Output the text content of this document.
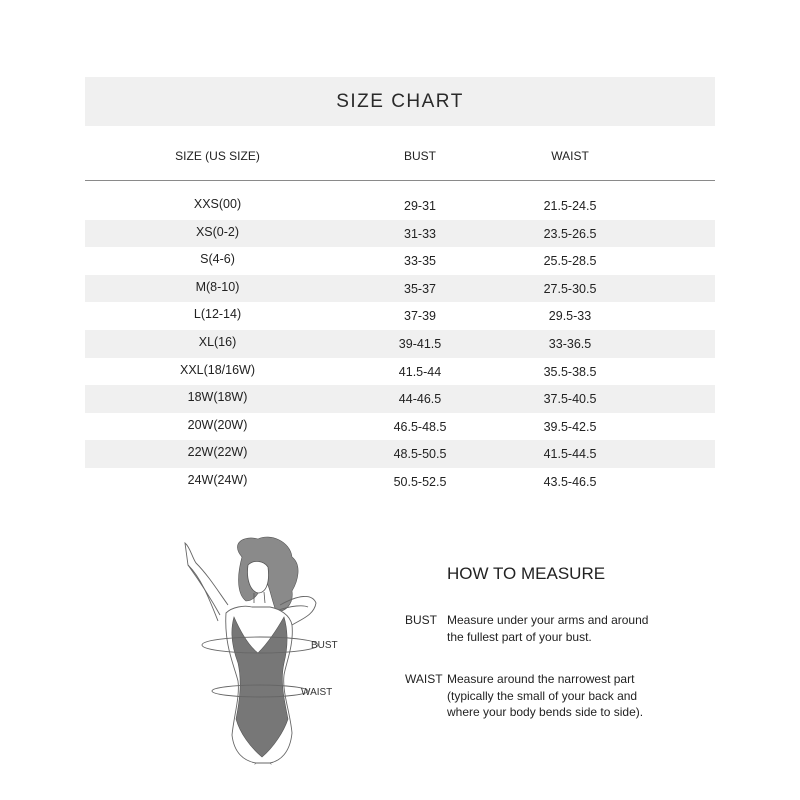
SIZE CHART
SIZE (US SIZE)	BUST	WAIST
XXS(00)	29-31	21.5-24.5
XS(0-2)	31-33	23.5-26.5
S(4-6)	33-35	25.5-28.5
M(8-10)	35-37	27.5-30.5
L(12-14)	37-39	29.5-33
XL(16)	39-41.5	33-36.5
XXL(18/16W)	41.5-44	35.5-38.5
18W(18W)	44-46.5	37.5-40.5
20W(20W)	46.5-48.5	39.5-42.5
22W(22W)	48.5-50.5	41.5-44.5
24W(24W)	50.5-52.5	43.5-46.5
BUST
WAIST
HOW TO MEASURE
BUST Measure under your arms and around
the fullest part of your bust.
WAIST Measure around the narrowest part
(typically the small of your back and
where your body bends side to side).
